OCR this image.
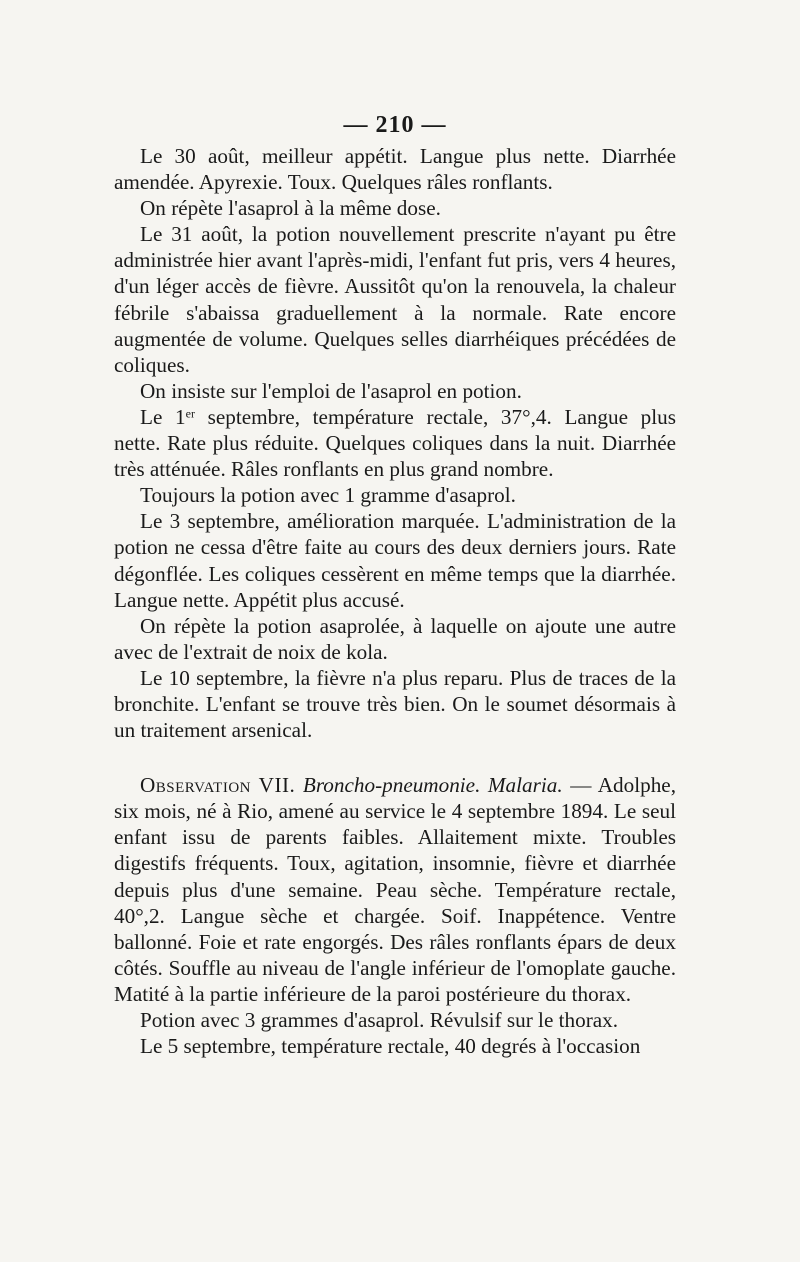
— 210 —

Le 30 août, meilleur appétit. Langue plus nette. Diarrhée amendée. Apyrexie. Toux. Quelques râles ronflants.

On répète l'asaprol à la même dose.

Le 31 août, la potion nouvellement prescrite n'ayant pu être administrée hier avant l'après-midi, l'enfant fut pris, vers 4 heures, d'un léger accès de fièvre. Aussitôt qu'on la renouvela, la chaleur fébrile s'abaissa graduellement à la normale. Rate encore augmentée de volume. Quelques selles diarrhéiques précédées de coliques.

On insiste sur l'emploi de l'asaprol en potion.

Le 1er septembre, température rectale, 37°,4. Langue plus nette. Rate plus réduite. Quelques coliques dans la nuit. Diarrhée très atténuée. Râles ronflants en plus grand nombre.

Toujours la potion avec 1 gramme d'asaprol.

Le 3 septembre, amélioration marquée. L'administration de la potion ne cessa d'être faite au cours des deux derniers jours. Rate dégonflée. Les coliques cessèrent en même temps que la diarrhée. Langue nette. Appétit plus accusé.

On répète la potion asaprolée, à laquelle on ajoute une autre avec de l'extrait de noix de kola.

Le 10 septembre, la fièvre n'a plus reparu. Plus de traces de la bronchite. L'enfant se trouve très bien. On le soumet désormais à un traitement arsenical.

Observation VII. Broncho-pneumonie. Malaria. — Adolphe, six mois, né à Rio, amené au service le 4 septembre 1894. Le seul enfant issu de parents faibles. Allaitement mixte. Troubles digestifs fréquents. Toux, agitation, insomnie, fièvre et diarrhée depuis plus d'une semaine. Peau sèche. Température rectale, 40°,2. Langue sèche et chargée. Soif. Inappétence. Ventre ballonné. Foie et rate engorgés. Des râles ronflants épars de deux côtés. Souffle au niveau de l'angle inférieur de l'omoplate gauche. Matité à la partie inférieure de la paroi postérieure du thorax.

Potion avec 3 grammes d'asaprol. Révulsif sur le thorax.

Le 5 septembre, température rectale, 40 degrés à l'occasion
